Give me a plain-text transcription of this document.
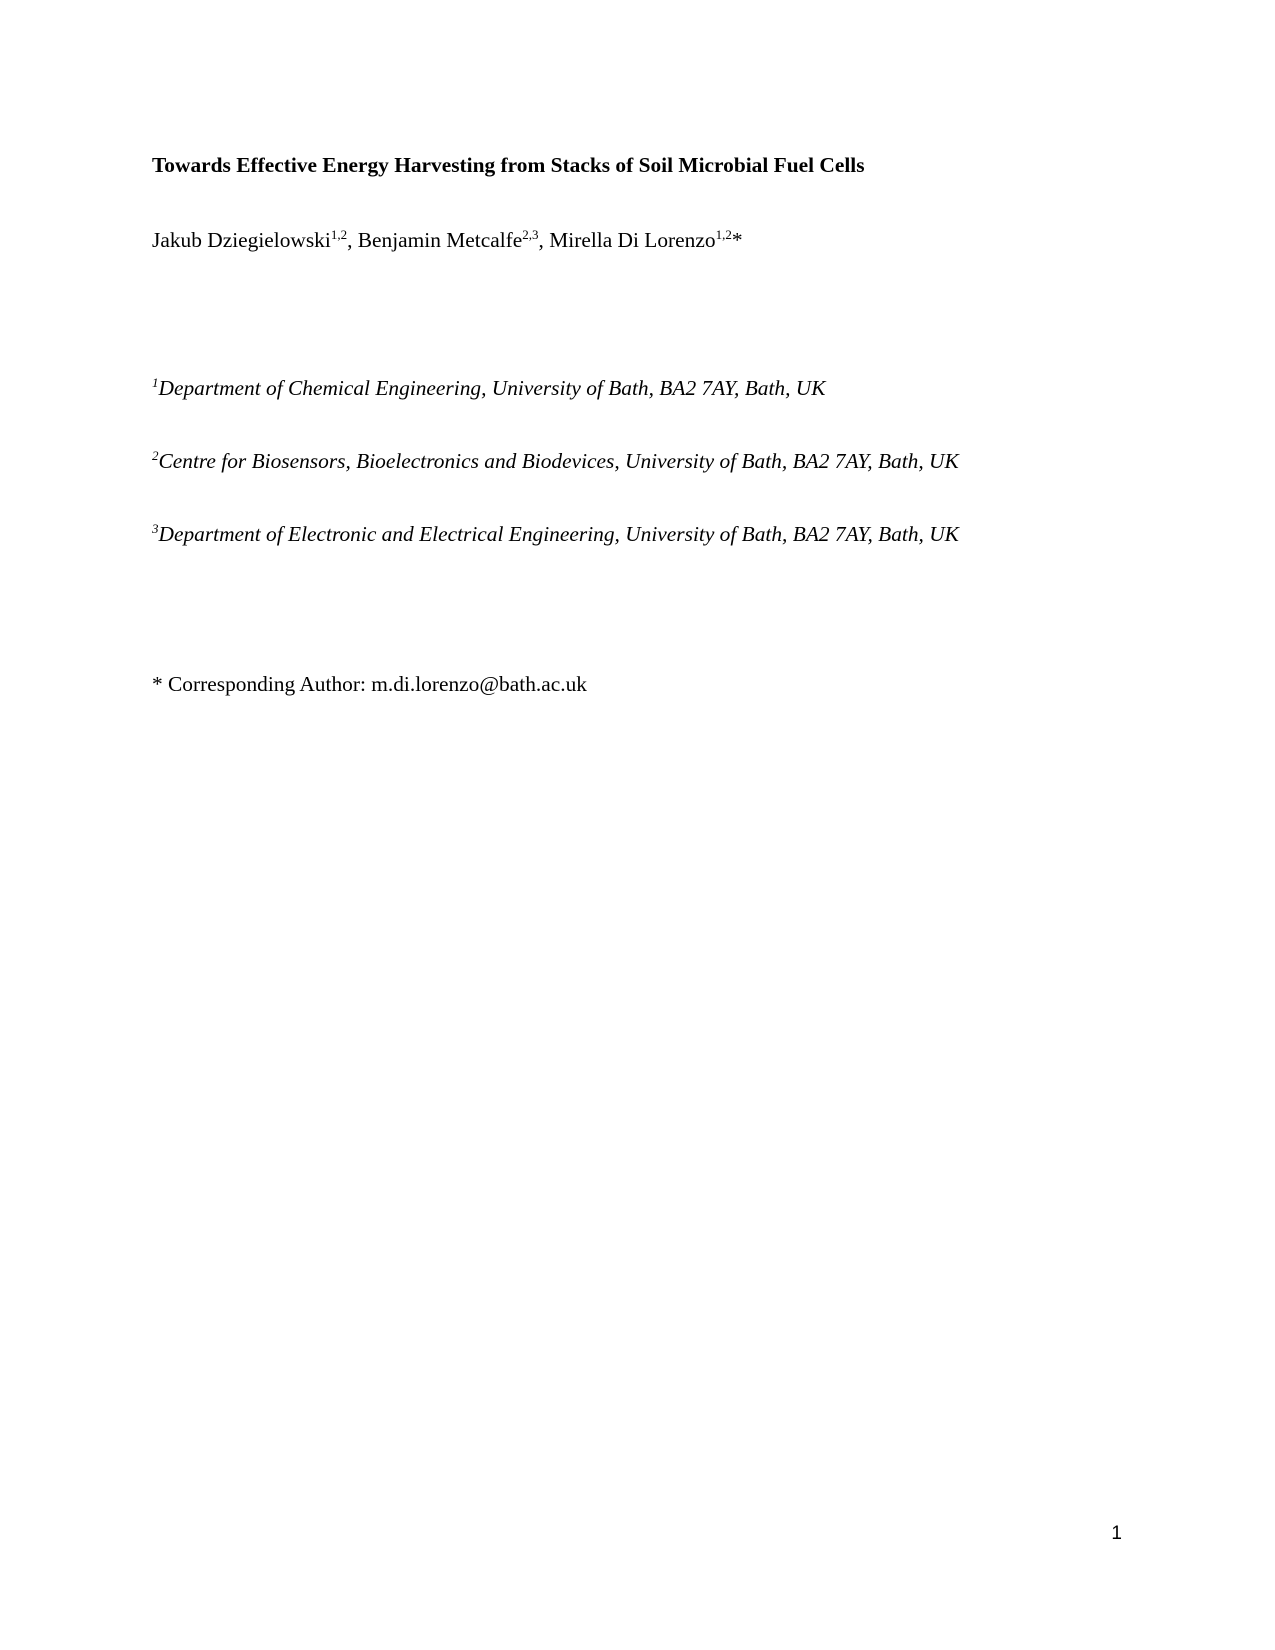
Towards Effective Energy Harvesting from Stacks of Soil Microbial Fuel Cells
Jakub Dziegielowski$^{1,2}$, Benjamin Metcalfe$^{2,3}$, Mirella Di Lorenzo$^{1,2}$*
$^1$Department of Chemical Engineering, University of Bath, BA2 7AY, Bath, UK
$^2$Centre for Biosensors, Bioelectronics and Biodevices, University of Bath, BA2 7AY, Bath, UK
$^3$Department of Electronic and Electrical Engineering, University of Bath, BA2 7AY, Bath, UK
* Corresponding Author: m.di.lorenzo@bath.ac.uk
1
